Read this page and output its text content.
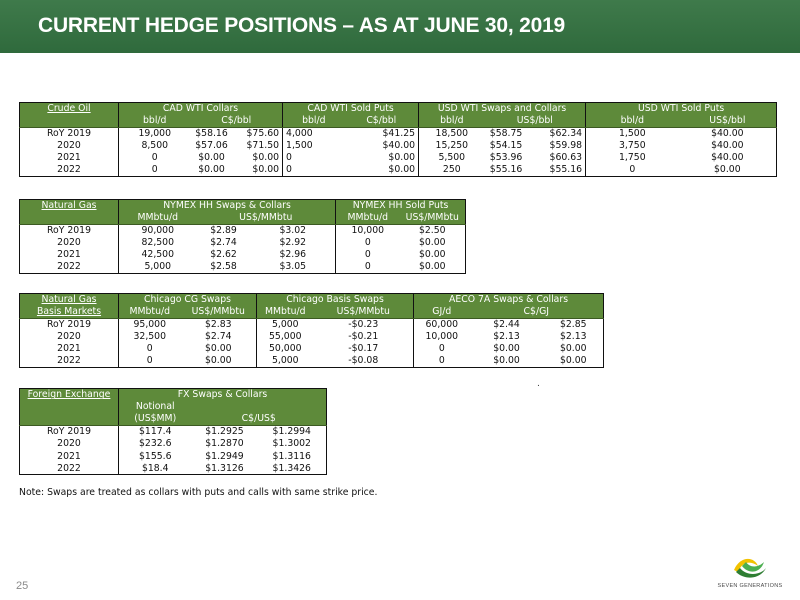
CURRENT HEDGE POSITIONS – AS AT JUNE 30, 2019
Crude Oil	CAD WTI Collars			CAD WTI Sold Puts		USD WTI Swaps and Collars			USD WTI Sold Puts	
	bbl/d	C$/bbl		bbl/d	C$/bbl	bbl/d	US$/bbl		bbl/d	US$/bbl
RoY 2019	19,000	$58.16	$75.60	4,000	$41.25	18,500	$58.75	$62.34	1,500	$40.00
2020	8,500	$57.06	$71.50	1,500	$40.00	15,250	$54.15	$59.98	3,750	$40.00
2021	0	$0.00	$0.00	0	$0.00	5,500	$53.96	$60.63	1,750	$40.00
2022	0	$0.00	$0.00	0	$0.00	250	$55.16	$55.16	0	$0.00
Natural Gas	NYMEX HH Swaps & Collars			NYMEX HH Sold Puts	
	MMbtu/d	US$/MMbtu		MMbtu/d	US$/MMbtu
RoY 2019	90,000	$2.89	$3.02	10,000	$2.50
2020	82,500	$2.74	$2.92	0	$0.00
2021	42,500	$2.62	$2.96	0	$0.00
2022	5,000	$2.58	$3.05	0	$0.00
Natural Gas	Chicago CG Swaps		Chicago Basis Swaps		AECO 7A Swaps & Collars		
Basis Markets	MMbtu/d	US$/MMbtu	MMbtu/d	US$/MMbtu	GJ/d	C$/GJ	
RoY 2019	95,000	$2.83	5,000	-$0.23	60,000	$2.44	$2.85
2020	32,500	$2.74	55,000	-$0.21	10,000	$2.13	$2.13
2021	0	$0.00	50,000	-$0.17	0	$0.00	$0.00
2022	0	$0.00	5,000	-$0.08	0	$0.00	$0.00
.
Foreign Exchange	FX Swaps & Collars		
	Notional		
	(US$MM)	C$/US$	
RoY 2019	$117.4	$1.2925	$1.2994
2020	$232.6	$1.2870	$1.3002
2021	$155.6	$1.2949	$1.3116
2022	$18.4	$1.3126	$1.3426
Note: Swaps are treated as collars with puts and calls with same strike price.
25	SEVEN GENERATIONS
